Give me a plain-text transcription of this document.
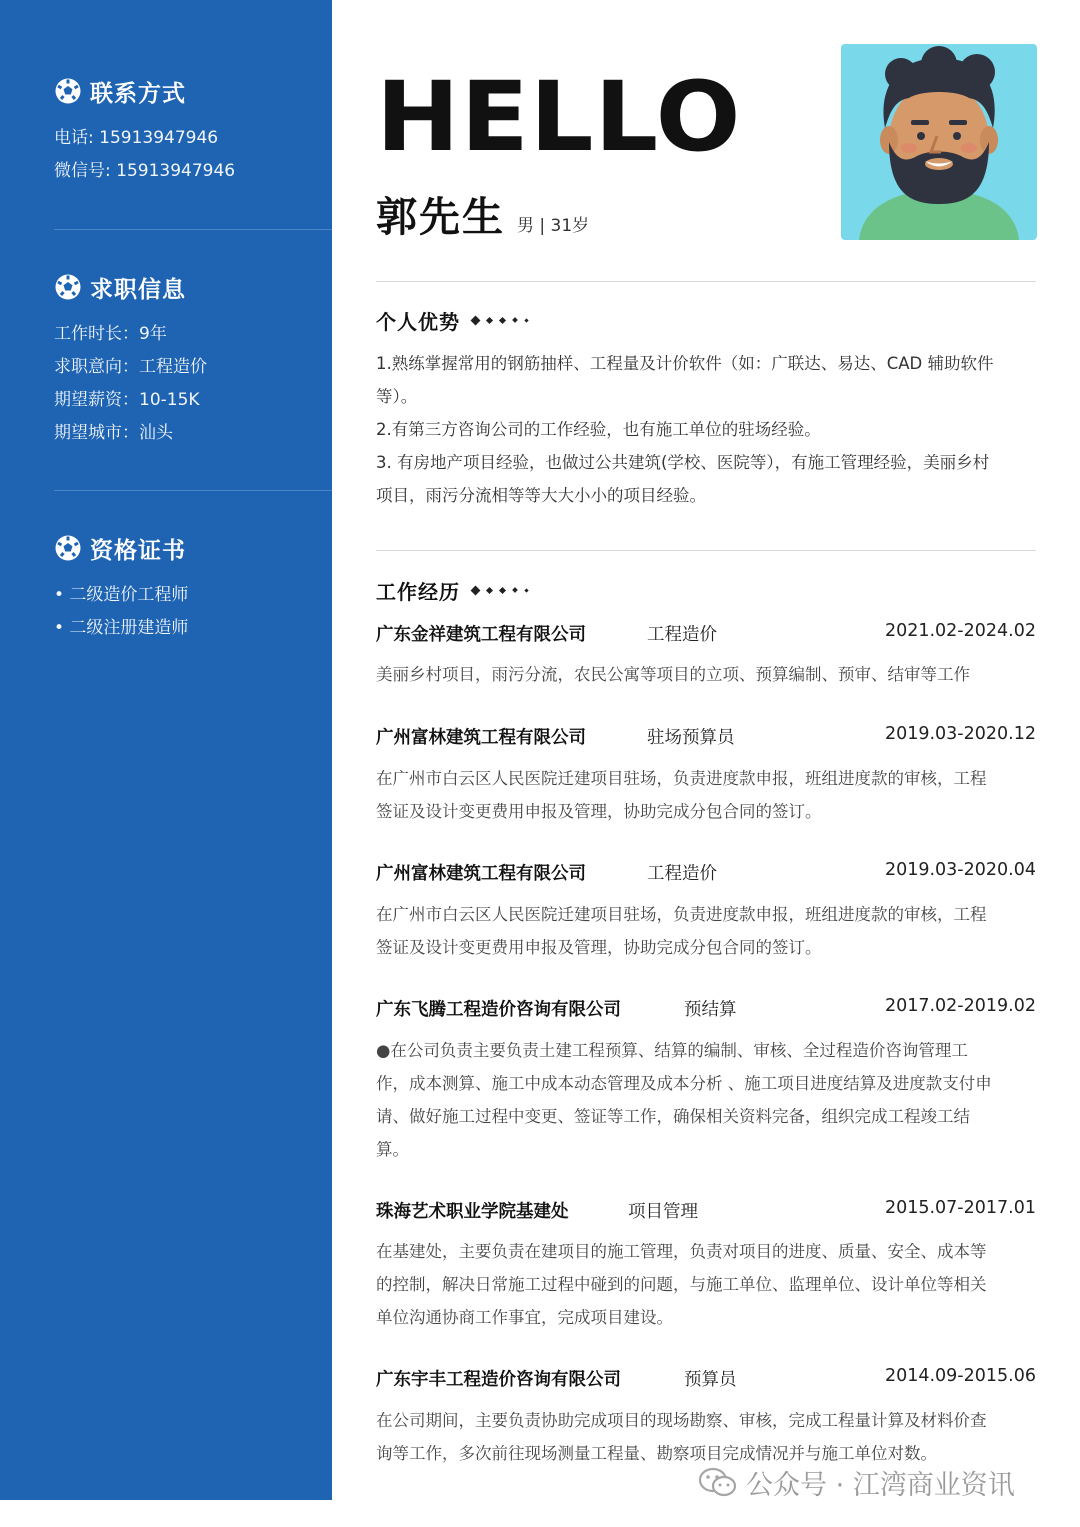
联系方式
电话: 15913947946
微信号: 15913947946
求职信息
工作时长：9年
求职意向：工程造价
期望薪资：10-15K
期望城市：汕头
资格证书
• 二级造价工程师
• 二级注册建造师
HELLO
郭先生 男 | 31岁
个人优势
1.熟练掌握常用的钢筋抽样、工程量及计价软件（如：广联达、易达、CAD 辅助软件
等）。
2.有第三方咨询公司的工作经验，也有施工单位的驻场经验。
3. 有房地产项目经验，也做过公共建筑(学校、医院等），有施工管理经验，美丽乡村
项目，雨污分流相等等大大小小的项目经验。
工作经历
广东金祥建筑工程有限公司	工程造价	2021.02-2024.02
美丽乡村项目，雨污分流，农民公寓等项目的立项、预算编制、预审、结审等工作
广州富林建筑工程有限公司	驻场预算员	2019.03-2020.12
在广州市白云区人民医院迁建项目驻场，负责进度款申报，班组进度款的审核，工程
签证及设计变更费用申报及管理，协助完成分包合同的签订。
广州富林建筑工程有限公司	工程造价	2019.03-2020.04
在广州市白云区人民医院迁建项目驻场，负责进度款申报，班组进度款的审核，工程
签证及设计变更费用申报及管理，协助完成分包合同的签订。
广东飞腾工程造价咨询有限公司	预结算	2017.02-2019.02
●在公司负责主要负责土建工程预算、结算的编制、审核、全过程造价咨询管理工
作，成本测算、施工中成本动态管理及成本分析 、施工项目进度结算及进度款支付申
请、做好施工过程中变更、签证等工作，确保相关资料完备，组织完成工程竣工结
算。
珠海艺术职业学院基建处	项目管理	2015.07-2017.01
在基建处，主要负责在建项目的施工管理，负责对项目的进度、质量、安全、成本等
的控制，解决日常施工过程中碰到的问题，与施工单位、监理单位、设计单位等相关
单位沟通协商工作事宜，完成项目建设。
广东宇丰工程造价咨询有限公司	预算员	2014.09-2015.06
在公司期间，主要负责协助完成项目的现场勘察、审核，完成工程量计算及材料价查
询等工作，多次前往现场测量工程量、勘察项目完成情况并与施工单位对数。
公众号 · 江湾商业资讯
